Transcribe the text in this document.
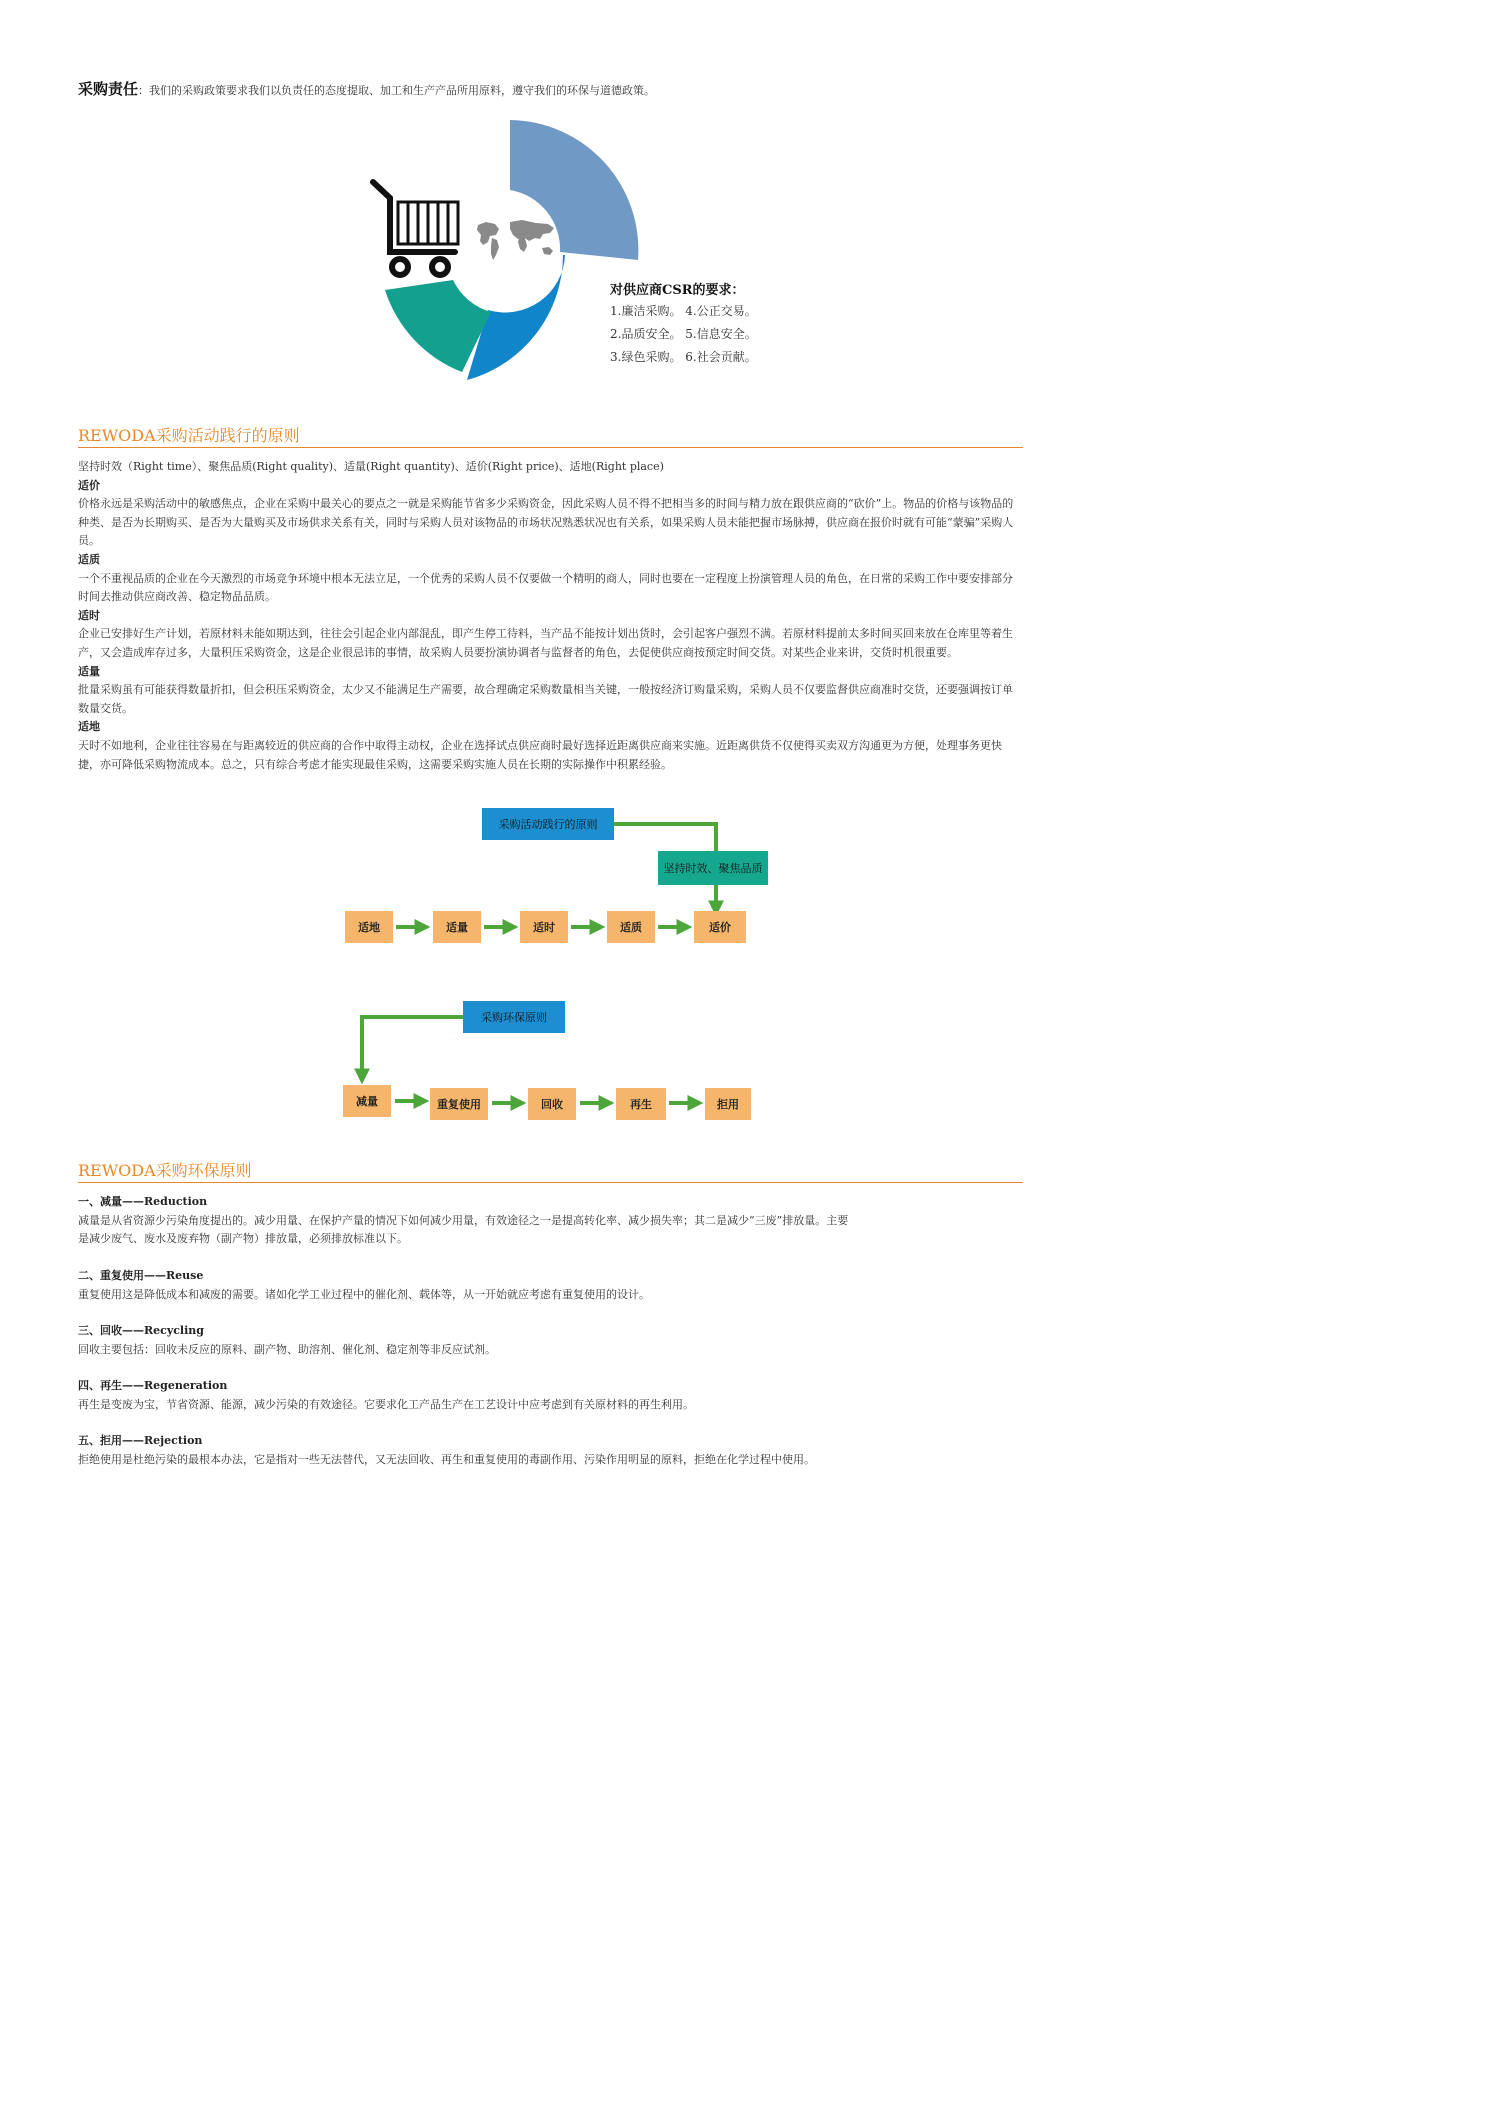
采购责任：我们的采购政策要求我们以负责任的态度提取、加工和生产产品所用原料，遵守我们的环保与道德政策。
对供应商CSR的要求：
1.廉洁采购。 4.公正交易。
2.品质安全。 5.信息安全。
3.绿色采购。 6.社会贡献。
REWODA采购活动践行的原则
坚持时效（Right time）、聚焦品质(Right quality)、适量(Right quantity)、适价(Right price)、适地(Right place)
适价
价格永远是采购活动中的敏感焦点，企业在采购中最关心的要点之一就是采购能节省多少采购资金，因此采购人员不得不把相当多的时间与精力放在跟供应商的“砍价”上。物品的价格与该物品的种类、是否为长期购买、是否为大量购买及市场供求关系有关，同时与采购人员对该物品的市场状况熟悉状况也有关系，如果采购人员未能把握市场脉搏，供应商在报价时就有可能“蒙骗”采购人员。
适质
一个不重视品质的企业在今天激烈的市场竞争环境中根本无法立足，一个优秀的采购人员不仅要做一个精明的商人，同时也要在一定程度上扮演管理人员的角色，在日常的采购工作中要安排部分时间去推动供应商改善、稳定物品品质。
适时
企业已安排好生产计划，若原材料未能如期达到，往往会引起企业内部混乱，即产生停工待料，当产品不能按计划出货时，会引起客户强烈不满。若原材料提前太多时间买回来放在仓库里等着生产，又会造成库存过多，大量积压采购资金，这是企业很忌讳的事情，故采购人员要扮演协调者与监督者的角色，去促使供应商按预定时间交货。对某些企业来讲，交货时机很重要。
适量
批量采购虽有可能获得数量折扣，但会积压采购资金，太少又不能满足生产需要，故合理确定采购数量相当关键，一般按经济订购量采购，采购人员不仅要监督供应商准时交货，还要强调按订单数量交货。
适地
天时不如地利，企业往往容易在与距离较近的供应商的合作中取得主动权，企业在选择试点供应商时最好选择近距离供应商来实施。近距离供货不仅使得买卖双方沟通更为方便，处理事务更快捷，亦可降低采购物流成本。总之，只有综合考虑才能实现最佳采购，这需要采购实施人员在长期的实际操作中积累经验。
采购活动践行的原则
坚持时效、聚焦品质
适地	适量	适时	适质	适价
采购环保原则
减量	重复使用	回收	再生	拒用
REWODA采购环保原则
一、减量——Reduction
减量是从省资源少污染角度提出的。减少用量、在保护产量的情况下如何减少用量，有效途径之一是提高转化率、减少损失率；其二是减少“三废”排放量。主要
是减少废气、废水及废弃物（副产物）排放量，必须排放标准以下。
二、重复使用——Reuse
重复使用这是降低成本和减废的需要。诸如化学工业过程中的催化剂、载体等，从一开始就应考虑有重复使用的设计。
三、回收——Recycling
回收主要包括：回收未反应的原料、副产物、助溶剂、催化剂、稳定剂等非反应试剂。
四、再生——Regeneration
再生是变废为宝，节省资源、能源，减少污染的有效途径。它要求化工产品生产在工艺设计中应考虑到有关原材料的再生利用。
五、拒用——Rejection
拒绝使用是杜绝污染的最根本办法，它是指对一些无法替代，又无法回收、再生和重复使用的毒副作用、污染作用明显的原料，拒绝在化学过程中使用。
